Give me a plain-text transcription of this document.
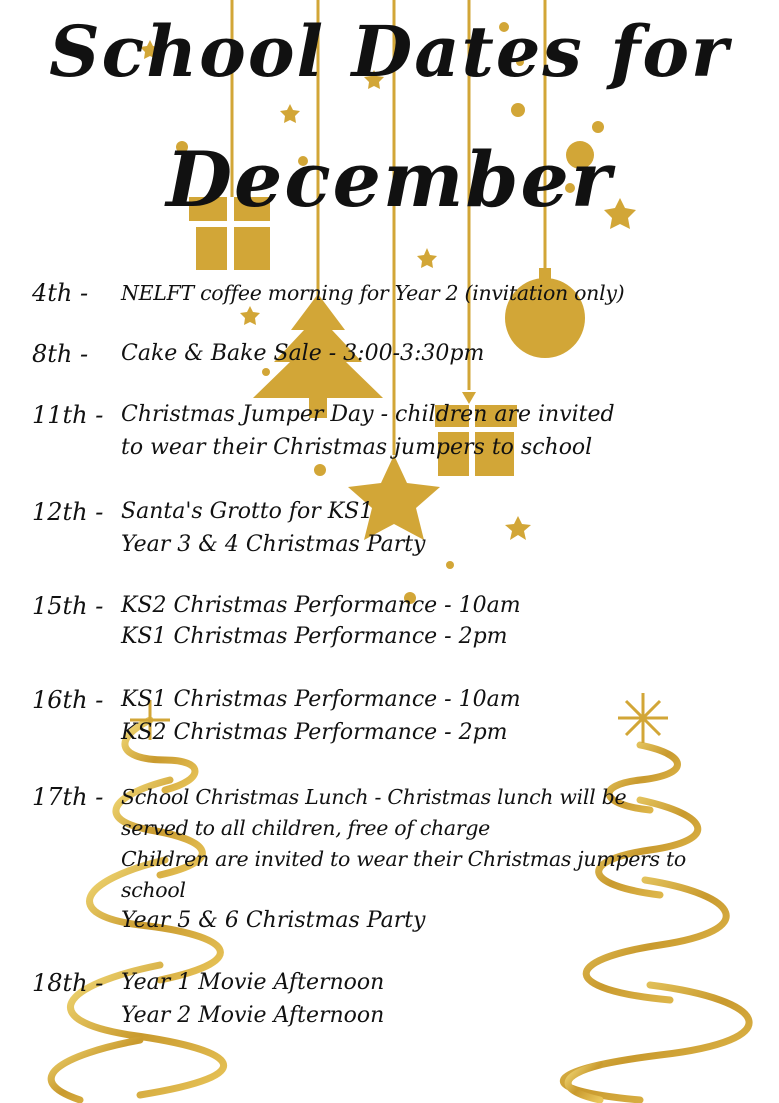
School Dates for
December
4th - NELFT coffee morning for Year 2 (invitation only)
8th - Cake & Bake Sale - 3:00-3:30pm
11th - Christmas Jumper Day - children are invited
to wear their Christmas jumpers to school
12th - Santa's Grotto for KS1
Year 3 & 4 Christmas Party
15th - KS2 Christmas Performance - 10am
KS1 Christmas Performance - 2pm
16th - KS1 Christmas Performance - 10am
KS2 Christmas Performance - 2pm
17th - School Christmas Lunch - Christmas lunch will be
served to all children, free of charge
Children are invited to wear their Christmas jumpers to
school
Year 5 & 6 Christmas Party
18th - Year 1 Movie Afternoon
Year 2 Movie Afternoon
